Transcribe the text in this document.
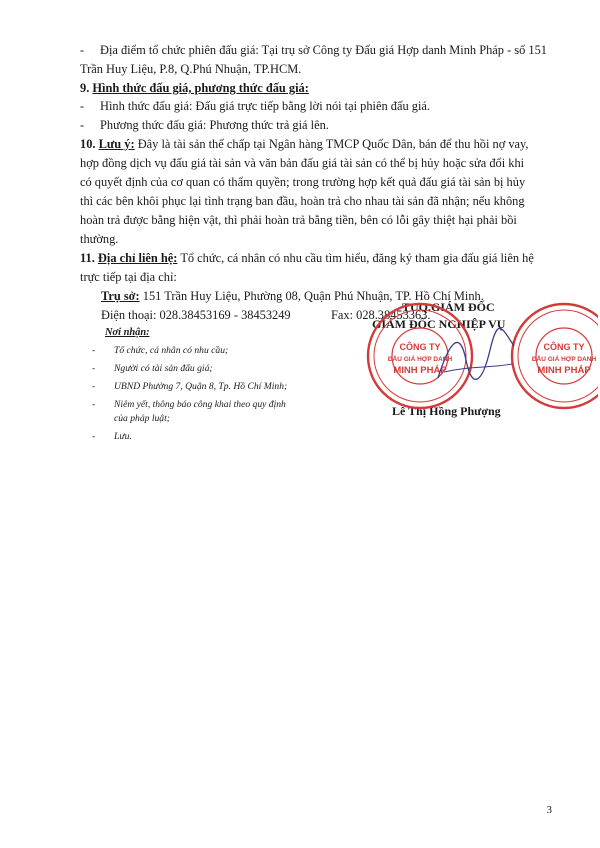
- Địa điểm tổ chức phiên đấu giá: Tại trụ sở Công ty Đấu giá Hợp danh Minh Pháp - số 151
Trần Huy Liệu, P.8, Q.Phú Nhuận, TP.HCM.
9. Hình thức đấu giá, phương thức đấu giá:
- Hình thức đấu giá: Đấu giá trực tiếp bằng lời nói tại phiên đấu giá.
- Phương thức đấu giá: Phương thức trả giá lên.
10. Lưu ý: Đây là tài sản thế chấp tại Ngân hàng TMCP Quốc Dân, bán để thu hồi nợ vay,
hợp đồng dịch vụ đấu giá tài sản và văn bản đấu giá tài sản có thể bị hủy hoặc sửa đổi khi
có quyết định của cơ quan có thẩm quyền; trong trường hợp kết quả đấu giá tài sản bị hủy
thì các bên khôi phục lại tình trạng ban đầu, hoàn trả cho nhau tài sản đã nhận; nếu không
hoàn trả được bằng hiện vật, thì phải hoàn trả bằng tiền, bên có lỗi gây thiệt hại phải bồi
thường.
11. Địa chỉ liên hệ: Tổ chức, cá nhân có nhu cầu tìm hiểu, đăng ký tham gia đấu giá liên hệ
trực tiếp tại địa chỉ:
Trụ sở: 151 Trần Huy Liệu, Phường 08, Quận Phú Nhuận, TP. Hồ Chí Minh.
Điện thoại: 028.38453169 - 38453249	Fax: 028.38453363.
Nơi nhận:
- Tổ chức, cá nhân có nhu cầu;
- Người có tài sản đấu giá;
- UBND Phường 7, Quận 8, Tp. Hồ Chí Minh;
- Niêm yết, thông báo công khai theo quy định
của pháp luật;
- Lưu.
TUQ.GIÁM ĐỐC
GIÁM ĐỐC NGHIỆP VỤ
Lê Thị Hồng Phượng
CÔNG TY
ĐẤU GIÁ HỢP DANH
MINH PHÁP
CÔNG TY
ĐẤU GIÁ HỢP DANH
MINH PHÁP
3
